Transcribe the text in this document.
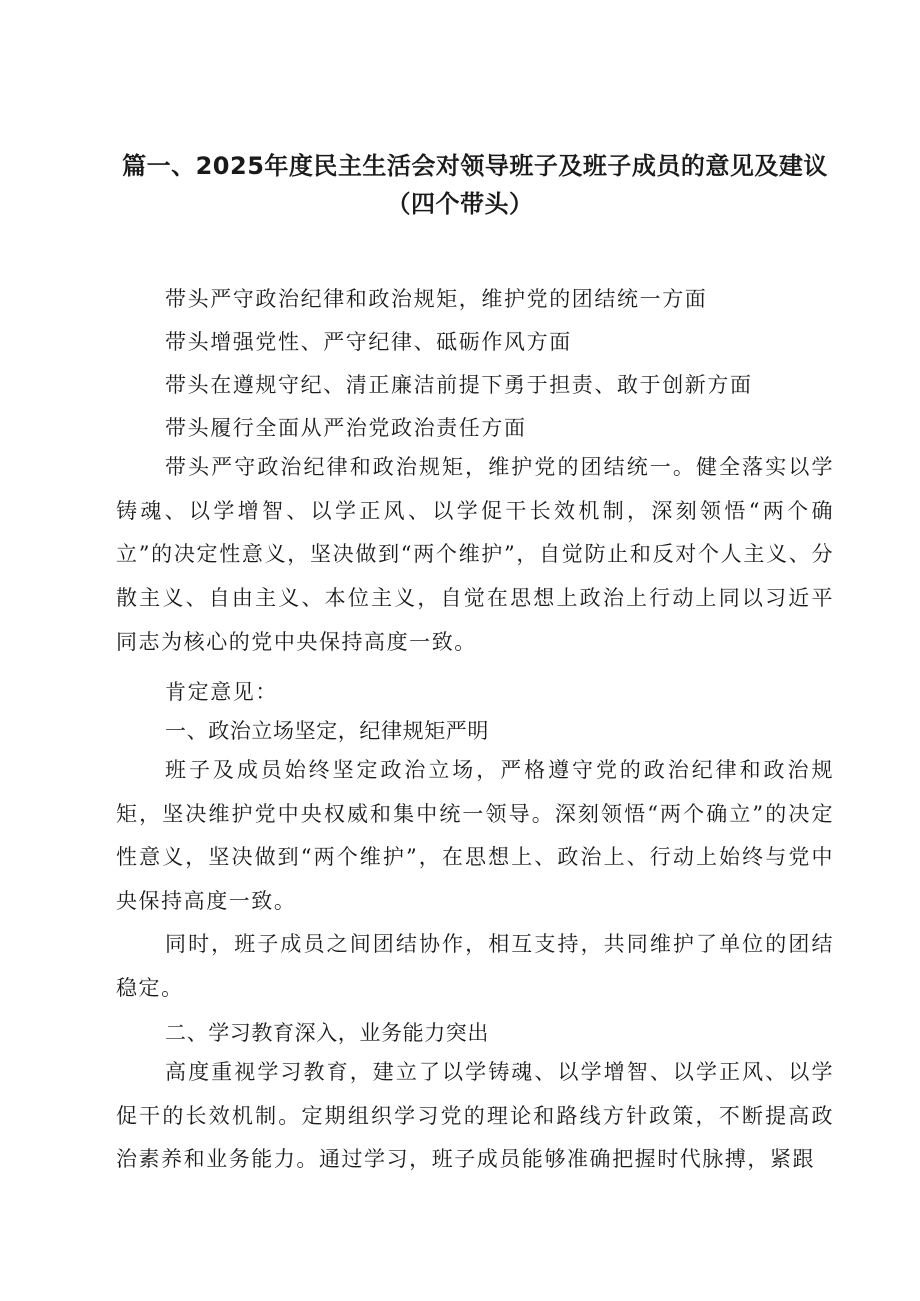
篇一、2025年度民主生活会对领导班子及班子成员的意见及建议
（四个带头）
带头严守政治纪律和政治规矩，维护党的团结统一方面
带头增强党性、严守纪律、砥砺作风方面
带头在遵规守纪、清正廉洁前提下勇于担责、敢于创新方面
带头履行全面从严治党政治责任方面

带头严守政治纪律和政治规矩，维护党的团结统一。健全落实以学铸魂、以学增智、以学正风、以学促干长效机制，深刻领悟“两个确立”的决定性意义，坚决做到“两个维护”，自觉防止和反对个人主义、分散主义、自由主义、本位主义，自觉在思想上政治上行动上同以习近平同志为核心的党中央保持高度一致。

肯定意见：
一、政治立场坚定，纪律规矩严明

班子及成员始终坚定政治立场，严格遵守党的政治纪律和政治规矩，坚决维护党中央权威和集中统一领导。深刻领悟“两个确立”的决定性意义，坚决做到“两个维护”，在思想上、政治上、行动上始终与党中央保持高度一致。

同时，班子成员之间团结协作，相互支持，共同维护了单位的团结稳定。

二、学习教育深入，业务能力突出

高度重视学习教育，建立了以学铸魂、以学增智、以学正风、以学促干的长效机制。定期组织学习党的理论和路线方针政策，不断提高政治素养和业务能力。通过学习，班子成员能够准确把握时代脉搏，紧跟
